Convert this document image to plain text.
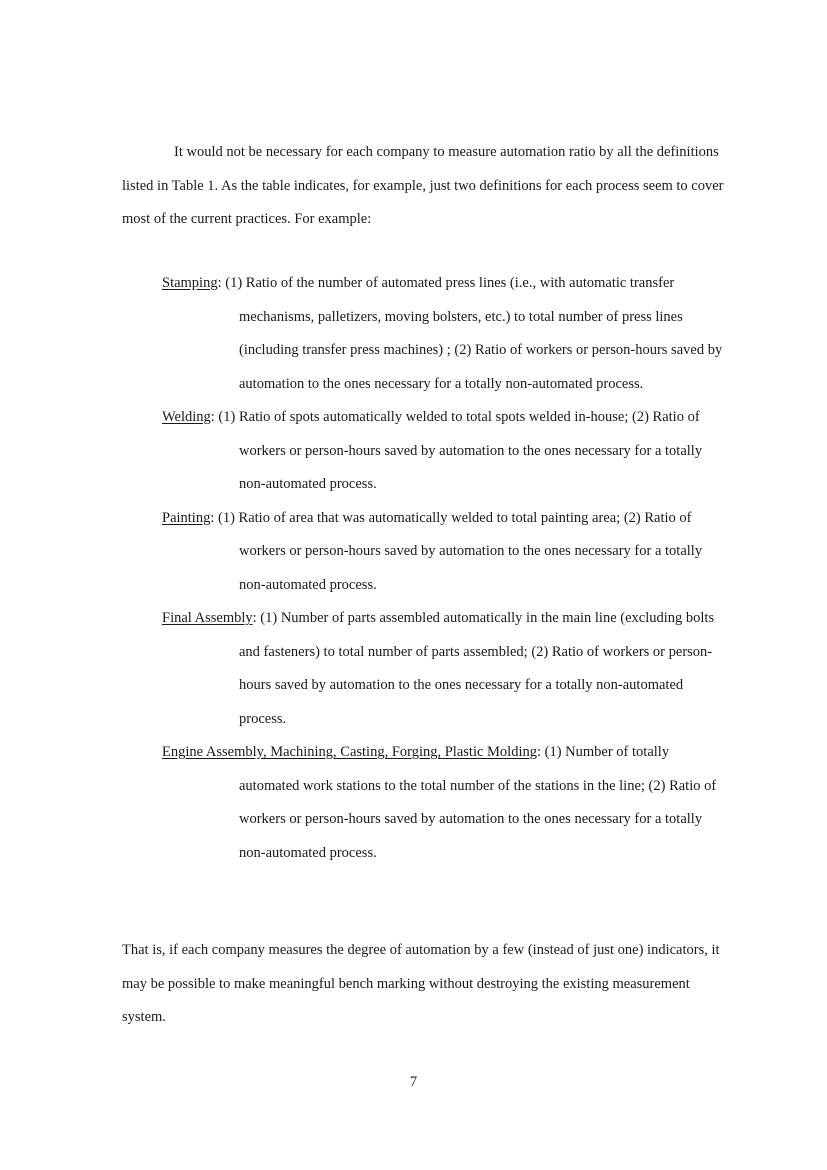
It would not be necessary for each company to measure automation ratio by all the definitions listed in Table 1. As the table indicates, for example, just two definitions for each process seem to cover most of the current practices. For example:

Stamping: (1) Ratio of the number of automated press lines (i.e., with automatic transfer mechanisms, palletizers, moving bolsters, etc.) to total number of press lines (including transfer press machines) ; (2) Ratio of workers or person-hours saved by automation to the ones necessary for a totally non-automated process.

Welding: (1) Ratio of spots automatically welded to total spots welded in-house; (2) Ratio of workers or person-hours saved by automation to the ones necessary for a totally non-automated process.

Painting: (1) Ratio of area that was automatically welded to total painting area; (2) Ratio of workers or person-hours saved by automation to the ones necessary for a totally non-automated process.

Final Assembly: (1) Number of parts assembled automatically in the main line (excluding bolts and fasteners) to total number of parts assembled; (2) Ratio of workers or person-hours saved by automation to the ones necessary for a totally non-automated process.

Engine Assembly, Machining, Casting, Forging, Plastic Molding: (1) Number of totally automated work stations to the total number of the stations in the line; (2) Ratio of workers or person-hours saved by automation to the ones necessary for a totally non-automated process.

That is, if each company measures the degree of automation by a few (instead of just one) indicators, it may be possible to make meaningful bench marking without destroying the existing measurement system.

7
